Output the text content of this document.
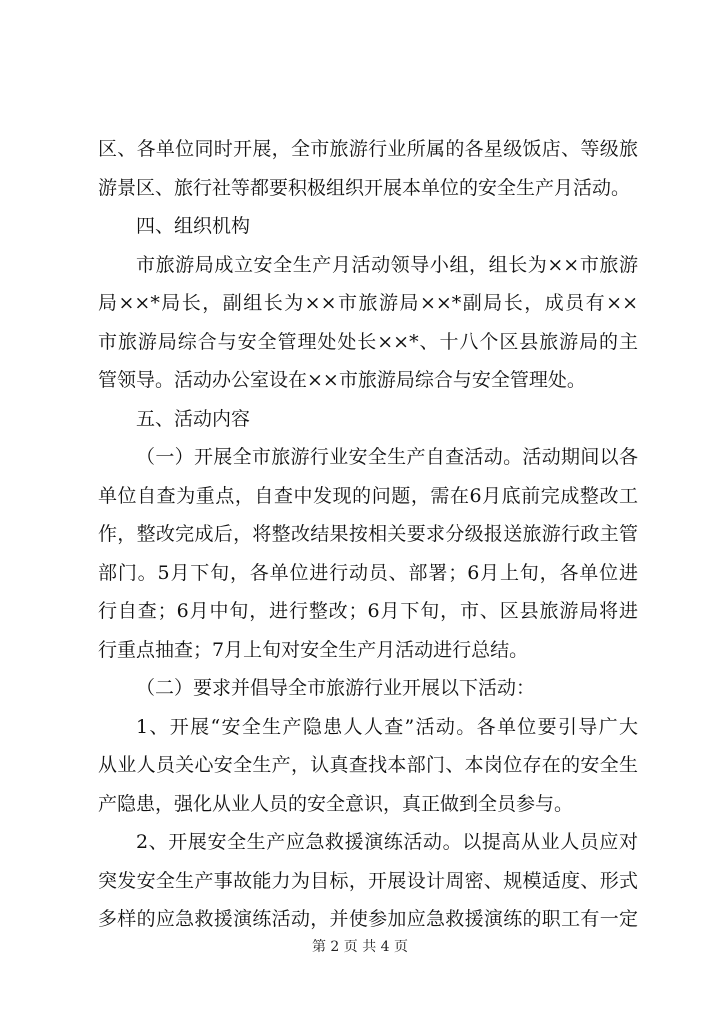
区、各单位同时开展，全市旅游行业所属的各星级饭店、等级旅
游景区、旅行社等都要积极组织开展本单位的安全生产月活动。
四、组织机构
市旅游局成立安全生产月活动领导小组，组长为××市旅游
局××*局长，副组长为××市旅游局××*副局长，成员有××
市旅游局综合与安全管理处处长××*、十八个区县旅游局的主
管领导。活动办公室设在××市旅游局综合与安全管理处。
五、活动内容
（一）开展全市旅游行业安全生产自查活动。活动期间以各
单位自查为重点，自查中发现的问题，需在6月底前完成整改工
作，整改完成后，将整改结果按相关要求分级报送旅游行政主管
部门。5月下旬，各单位进行动员、部署；6月上旬，各单位进
行自查；6月中旬，进行整改；6月下旬，市、区县旅游局将进
行重点抽查；7月上旬对安全生产月活动进行总结。
（二）要求并倡导全市旅游行业开展以下活动：
1、开展“安全生产隐患人人查”活动。各单位要引导广大
从业人员关心安全生产，认真查找本部门、本岗位存在的安全生
产隐患，强化从业人员的安全意识，真正做到全员参与。
2、开展安全生产应急救援演练活动。以提高从业人员应对
突发安全生产事故能力为目标，开展设计周密、规模适度、形式
多样的应急救援演练活动，并使参加应急救援演练的职工有一定
第 2 页 共 4 页
